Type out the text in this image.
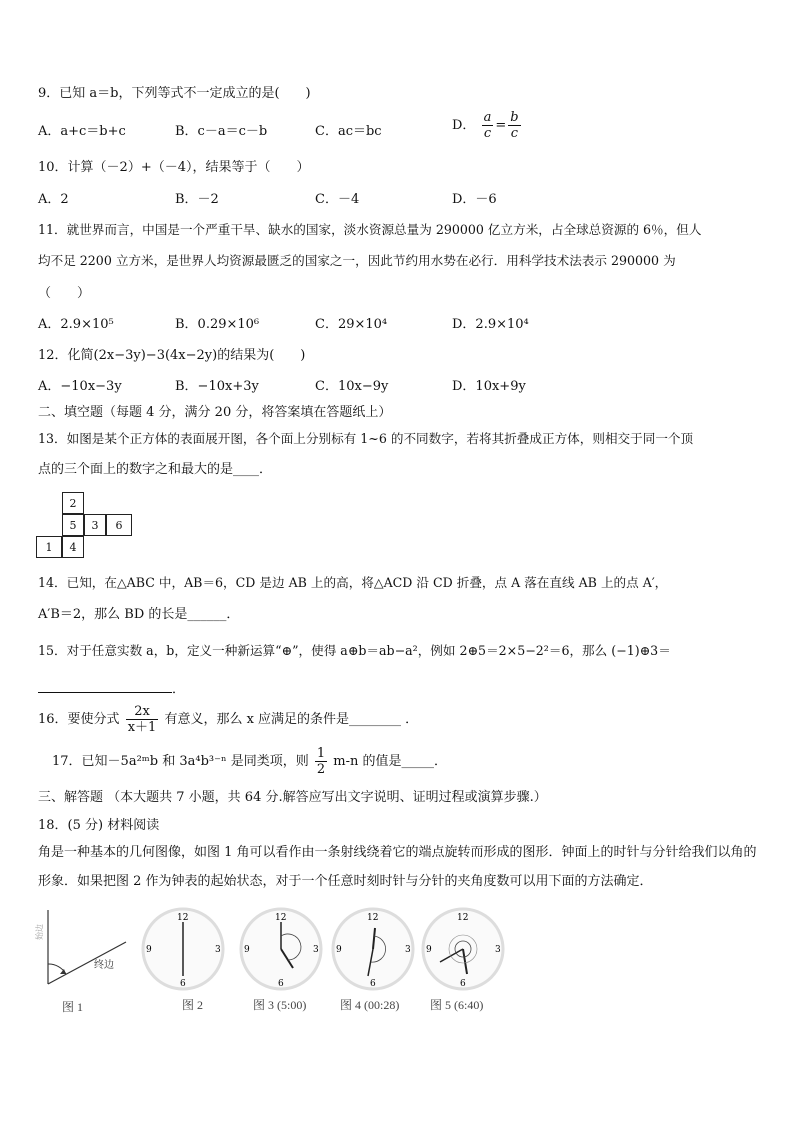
9．已知 a＝b，下列等式不一定成立的是(　　)
A．a+c＝b+c	B．c－a＝c－b	C．ac＝bc	D． $\frac{a}{c} = \frac{b}{c}$
10．计算（－2）+（－4），结果等于（　　）
A．2	B．－2	C．－4	D．－6
11．就世界而言，中国是一个严重干旱、缺水的国家，淡水资源总量为 290000 亿立方米，占全球总资源的 6％，但人
均不足 2200 立方米，是世界人均资源最匮乏的国家之一，因此节约用水势在必行．用科学技术法表示 290000 为
（　　）
A．2.9×10⁵	B．0.29×10⁶	C．29×10⁴	D．2.9×10⁴
12．化简(2x−3y)−3(4x−2y)的结果为(　　)
A．−10x−3y	B．−10x+3y	C．10x−9y	D．10x+9y
二、填空题（每题 4 分，满分 20 分，将答案填在答题纸上）
13．如图是某个正方体的表面展开图，各个面上分别标有 1~6 的不同数字，若将其折叠成正方体，则相交于同一个顶
点的三个面上的数字之和最大的是____．
2
5	3	6
1	4
14．已知，在△ABC 中，AB＝6，CD 是边 AB 上的高，将△ACD 沿 CD 折叠，点 A 落在直线 AB 上的点 A′，
A′B＝2，那么 BD 的长是______．
15．对于任意实数 a，b，定义一种新运算“⊕”，使得 a⊕b＝ab−a²，例如 2⊕5＝2×5−2²＝6，那么 (−1)⊕3＝
．
16．要使分式 $\frac{2x}{x+1}$ 有意义，那么 x 应满足的条件是________ ．
17．已知－5a²ᵐb 和 3a⁴b³⁻ⁿ 是同类项，则 $\frac{1}{2} m-n$ 的值是_____．
三、解答题 （本大题共 7 小题，共 64 分.解答应写出文字说明、证明过程或演算步骤.）
18．(5 分) 材料阅读
角是一种基本的几何图像，如图 1 角可以看作由一条射线绕着它的端点旋转而形成的图形．钟面上的时针与分针给我们以角的形象．如果把图 2 作为钟表的起始状态，对于一个任意时刻时针与分针的夹角度数可以用下面的方法确定．
始边
终边
12
3
6
9
12
3
6
9
12
3
6
9
12
3
6
9
图 1	图 2	图 3 (5:00)	图 4 (00:28)	图 5 (6:40)
